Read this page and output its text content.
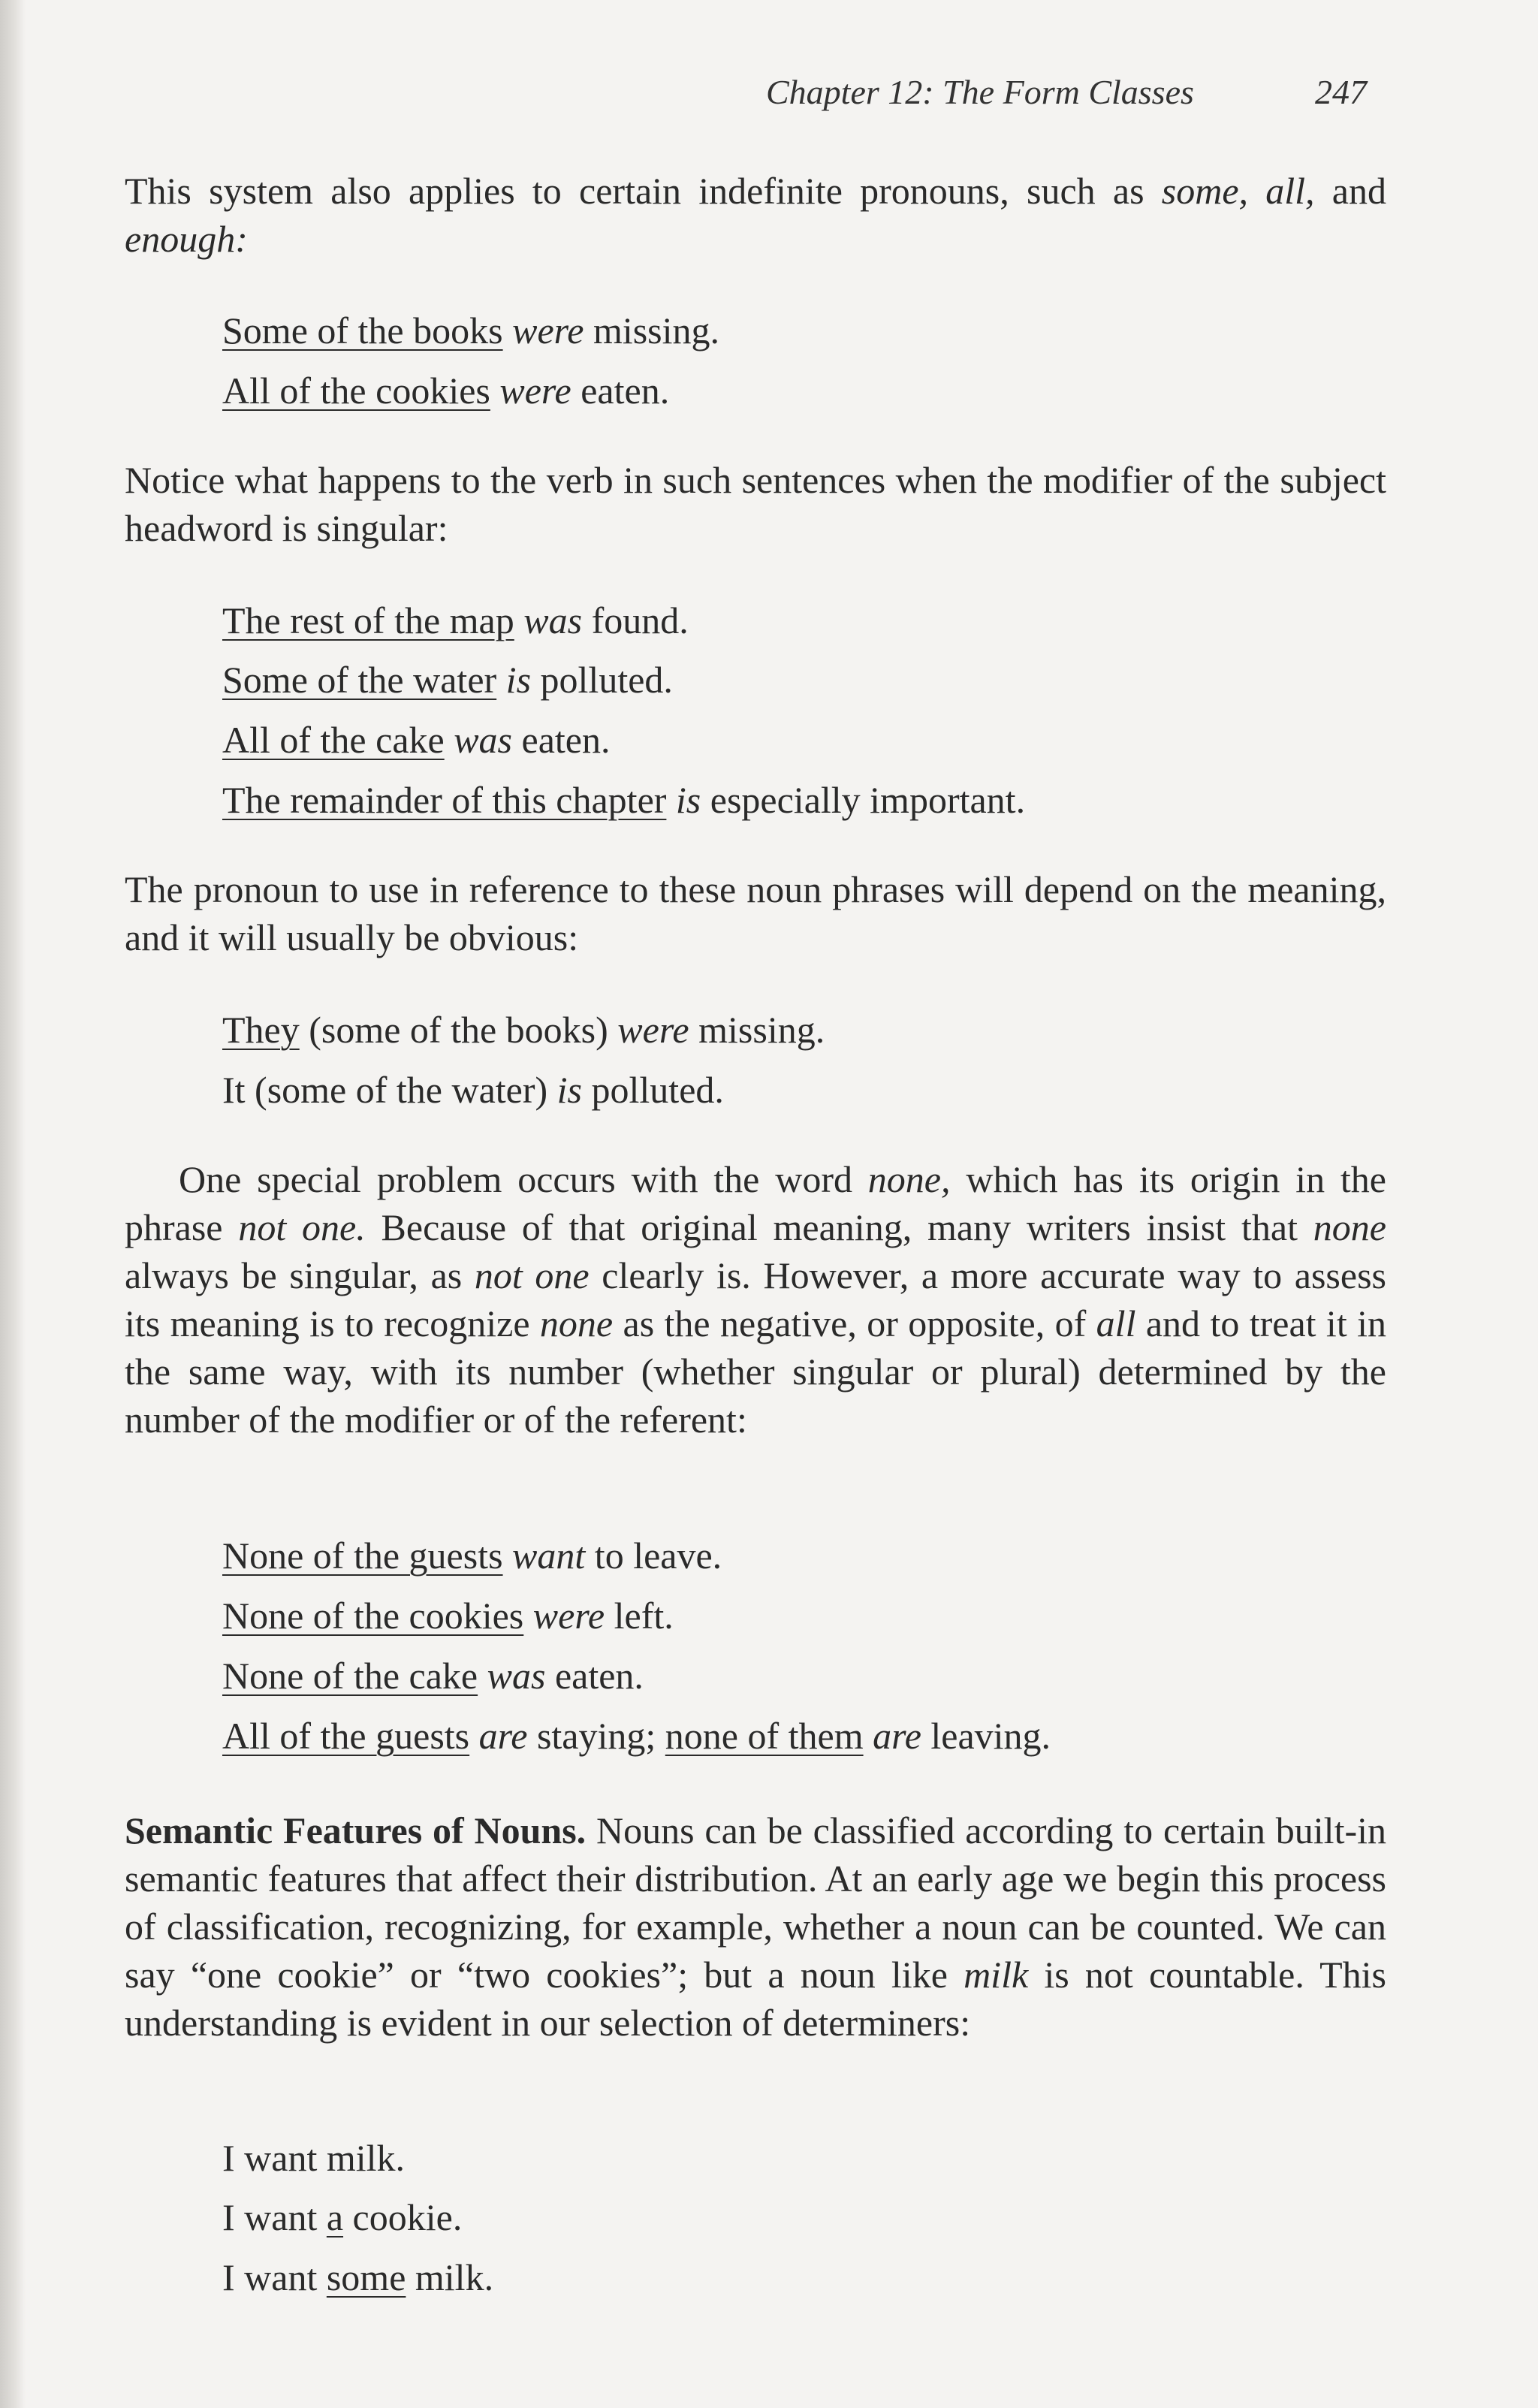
Chapter 12: The Form Classes	247

This system also applies to certain indefinite pronouns, such as some, all, and enough:

Some of the books were missing.

All of the cookies were eaten.

Notice what happens to the verb in such sentences when the modifier of the subject headword is singular:

The rest of the map was found.

Some of the water is polluted.

All of the cake was eaten.

The remainder of this chapter is especially important.

The pronoun to use in reference to these noun phrases will depend on the meaning, and it will usually be obvious:

They (some of the books) were missing.

It (some of the water) is polluted.

One special problem occurs with the word none, which has its origin in the phrase not one. Because of that original meaning, many writers insist that none always be singular, as not one clearly is. However, a more accurate way to assess its meaning is to recognize none as the negative, or opposite, of all and to treat it in the same way, with its number (whether singular or plural) determined by the number of the modifier or of the referent:

None of the guests want to leave.

None of the cookies were left.

None of the cake was eaten.

All of the guests are staying; none of them are leaving.

Semantic Features of Nouns. Nouns can be classified according to certain built-in semantic features that affect their distribution. At an early age we begin this process of classification, recognizing, for example, whether a noun can be counted. We can say “one cookie” or “two cookies”; but a noun like milk is not countable. This understanding is evident in our selection of determiners:

I want milk.

I want a cookie.

I want some milk.
